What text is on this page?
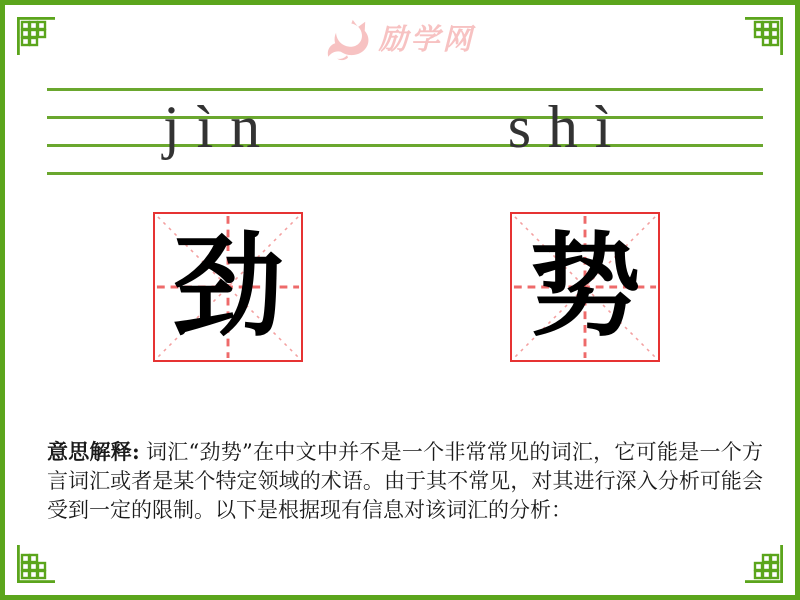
励学网
jìn	shì
劲 势

意思解释: 词汇“劲势”在中文中并不是一个非常常见的词汇，它可能是一个方言词汇或者是某个特定领域的术语。由于其不常见，对其进行深入分析可能会受到一定的限制。以下是根据现有信息对该词汇的分析：
